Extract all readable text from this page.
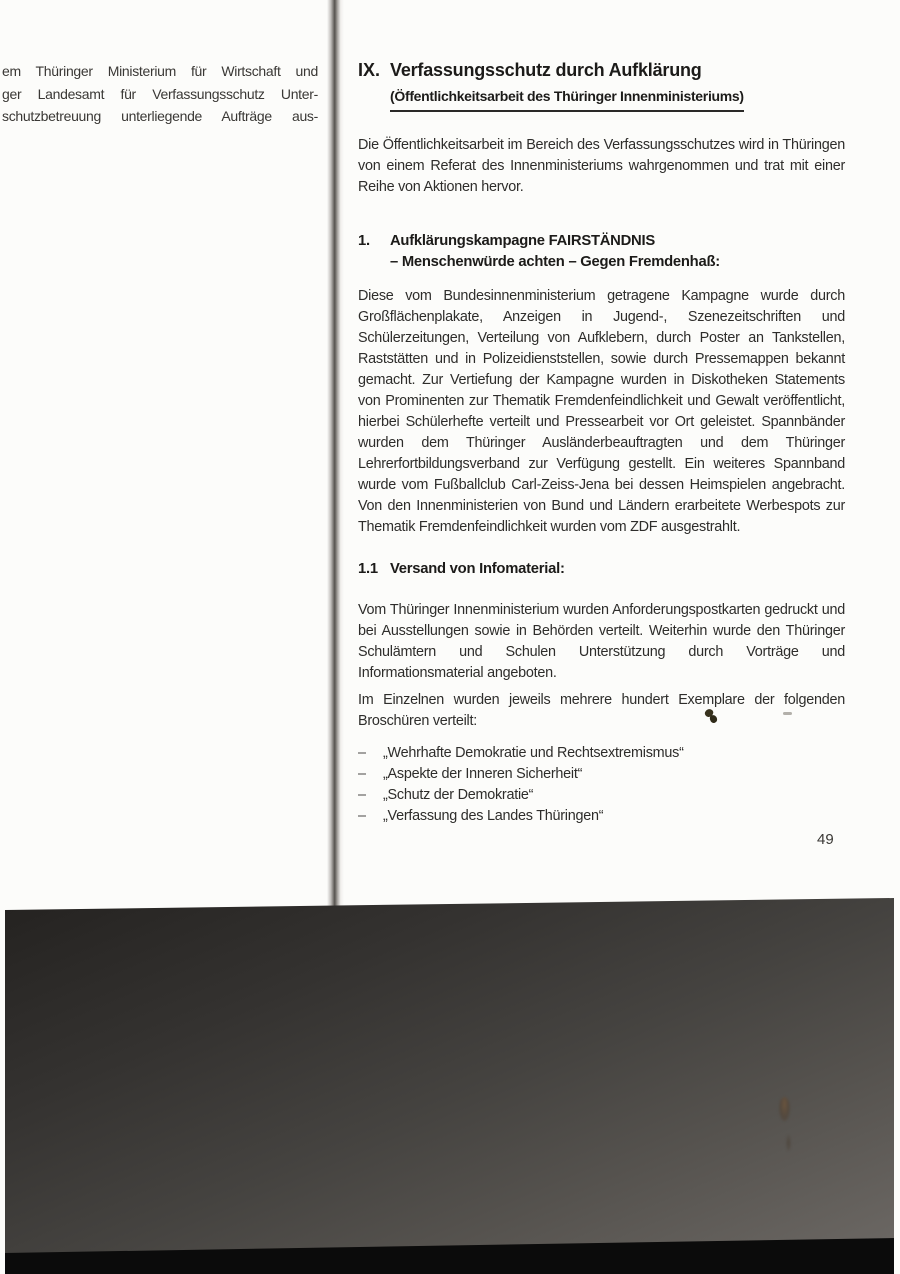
em Thüringer Ministerium für Wirtschaft und
ger Landesamt für Verfassungsschutz Unter-
schutzbetreuung unterliegende Aufträge aus-
IX. Verfassungsschutz durch Aufklärung
(Öffentlichkeitsarbeit des Thüringer Innenministeriums)
Die Öffentlichkeitsarbeit im Bereich des Verfassungsschutzes wird in Thüringen von einem Referat des Innenministeriums wahrgenommen und trat mit einer Reihe von Aktionen hervor.
1.	Aufklärungskampagne FAIRSTÄNDNIS
– Menschenwürde achten – Gegen Fremdenhaß:
Diese vom Bundesinnenministerium getragene Kampagne wurde durch Großflächenplakate, Anzeigen in Jugend-, Szenezeitschriften und Schülerzeitungen, Verteilung von Aufklebern, durch Poster an Tankstellen, Raststätten und in Polizeidienststellen, sowie durch Pressemappen bekannt gemacht. Zur Vertiefung der Kampagne wurden in Diskotheken Statements von Prominenten zur Thematik Fremdenfeindlichkeit und Gewalt veröffentlicht, hierbei Schülerhefte verteilt und Pressearbeit vor Ort geleistet. Spannbänder wurden dem Thüringer Ausländerbeauftragten und dem Thüringer Lehrerfortbildungsverband zur Verfügung gestellt. Ein weiteres Spannband wurde vom Fußballclub Carl-Zeiss-Jena bei dessen Heimspielen angebracht. Von den Innenministerien von Bund und Ländern erarbeitete Werbespots zur Thematik Fremdenfeindlichkeit wurden vom ZDF ausgestrahlt.
1.1 Versand von Infomaterial:
Vom Thüringer Innenministerium wurden Anforderungspostkarten gedruckt und bei Ausstellungen sowie in Behörden verteilt. Weiterhin wurde den Thüringer Schulämtern und Schulen Unterstützung durch Vorträge und Informationsmaterial angeboten.
Im Einzelnen wurden jeweils mehrere hundert Exemplare der folgenden Broschüren verteilt:
– „Wehrhafte Demokratie und Rechtsextremismus“
– „Aspekte der Inneren Sicherheit“
– „Schutz der Demokratie“
– „Verfassung des Landes Thüringen“
49
